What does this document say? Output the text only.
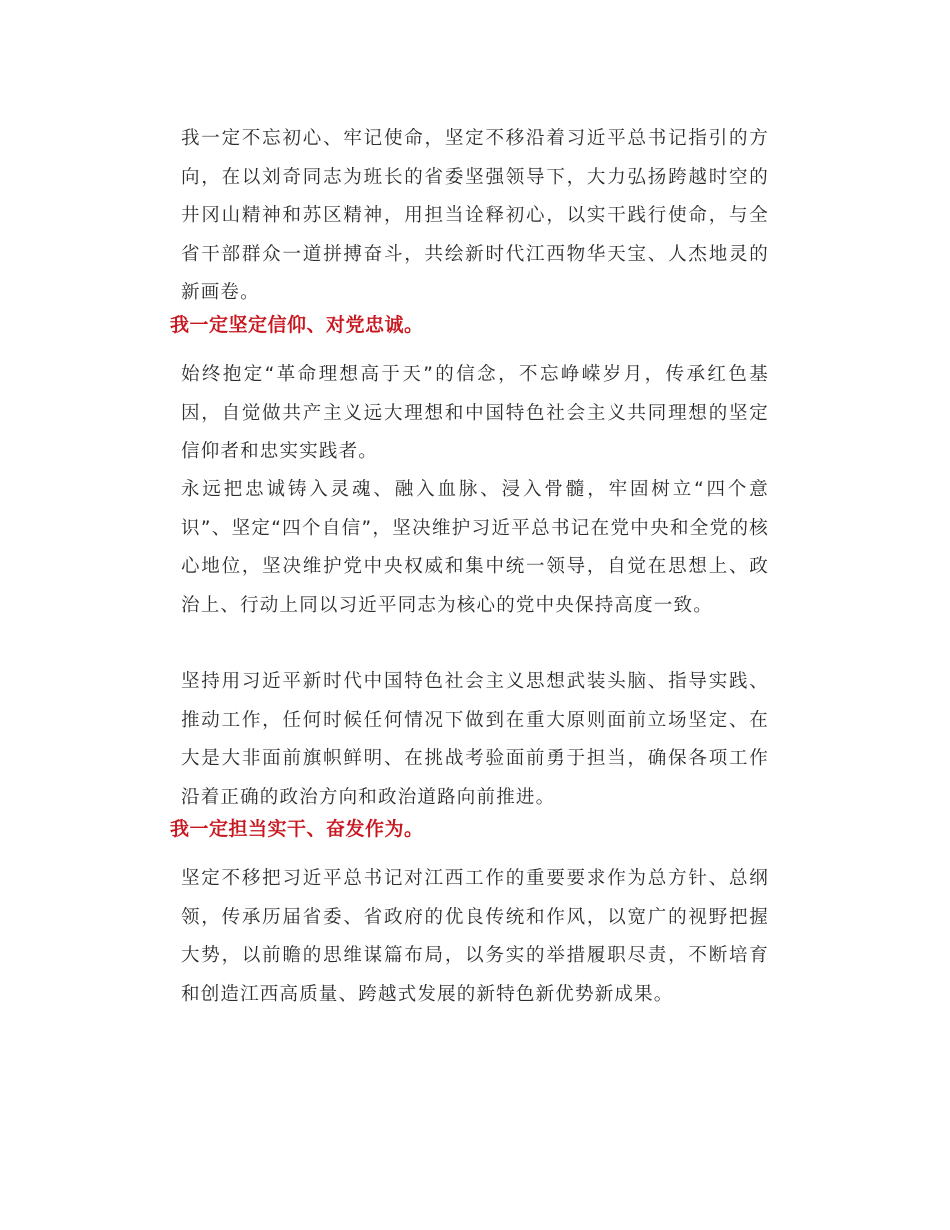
我一定不忘初心、牢记使命，坚定不移沿着习近平总书记指引的方向，在以刘奇同志为班长的省委坚强领导下，大力弘扬跨越时空的井冈山精神和苏区精神，用担当诠释初心，以实干践行使命，与全省干部群众一道拼搏奋斗，共绘新时代江西物华天宝、人杰地灵的新画卷。

我一定坚定信仰、对党忠诚。

始终抱定“革命理想高于天”的信念，不忘峥嵘岁月，传承红色基因，自觉做共产主义远大理想和中国特色社会主义共同理想的坚定信仰者和忠实实践者。

永远把忠诚铸入灵魂、融入血脉、浸入骨髓，牢固树立“四个意识”、坚定“四个自信”，坚决维护习近平总书记在党中央和全党的核心地位，坚决维护党中央权威和集中统一领导，自觉在思想上、政治上、行动上同以习近平同志为核心的党中央保持高度一致。

坚持用习近平新时代中国特色社会主义思想武装头脑、指导实践、推动工作，任何时候任何情况下做到在重大原则面前立场坚定、在大是大非面前旗帜鲜明、在挑战考验面前勇于担当，确保各项工作沿着正确的政治方向和政治道路向前推进。

我一定担当实干、奋发作为。

坚定不移把习近平总书记对江西工作的重要要求作为总方针、总纲领，传承历届省委、省政府的优良传统和作风，以宽广的视野把握大势，以前瞻的思维谋篇布局，以务实的举措履职尽责，不断培育和创造江西高质量、跨越式发展的新特色新优势新成果。
